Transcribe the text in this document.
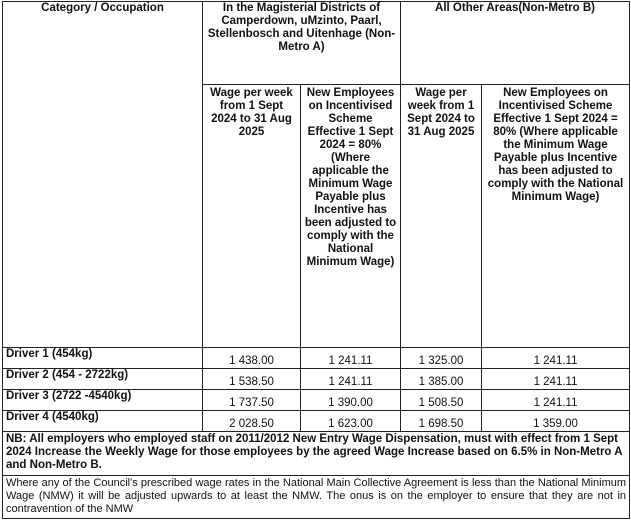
Category / Occupation	In the Magisterial Districts of Camperdown, uMzinto, Paarl, Stellenbosch and Uitenhage (Non-Metro A)		All Other Areas(Non-Metro B)	
	Wage per week from 1 Sept 2024 to 31 Aug 2025	New Employees on Incentivised Scheme Effective 1 Sept 2024 = 80% (Where applicable the Minimum Wage Payable plus Incentive has been adjusted to comply with the National Minimum Wage)	Wage per week from 1 Sept 2024 to 31 Aug 2025	New Employees on Incentivised Scheme Effective 1 Sept 2024 = 80% (Where applicable the Minimum Wage Payable plus Incentive has been adjusted to comply with the National Minimum Wage)
Driver 1 (454kg)	1 438.00	1 241.11	1 325.00	1 241.11
Driver 2 (454 - 2722kg)	1 538.50	1 241.11	1 385.00	1 241.11
Driver 3 (2722 -4540kg)	1 737.50	1 390.00	1 508.50	1 241.11
Driver 4 (4540kg)	2 028.50	1 623.00	1 698.50	1 359.00
NB: All employers who employed staff on 2011/2012 New Entry Wage Dispensation, must with effect from 1 Sept 2024 Increase the Weekly Wage for those employees by the agreed Wage Increase based on 6.5% in Non-Metro A and Non-Metro B.				
Where any of the Council's prescribed wage rates in the National Main Collective Agreement is less than the National Minimum Wage (NMW) it will be adjusted upwards to at least the NMW. The onus is on the employer to ensure that they are not in contravention of the NMW				
